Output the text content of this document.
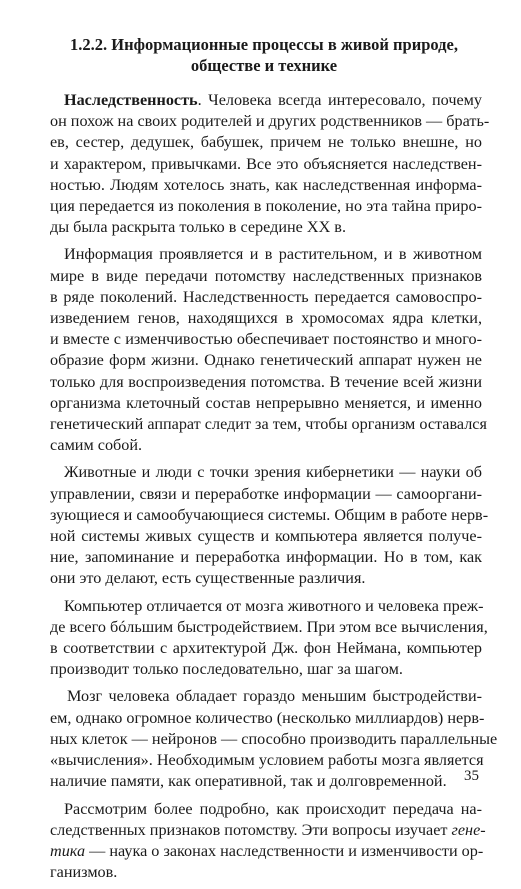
1.2.2. Информационные процессы в живой природе,
обществе и технике

Наследственность. Человека всегда интересовало, почему
он похож на своих родителей и других родственников — брать-
ев, сестер, дедушек, бабушек, причем не только внешне, но
и характером, привычками. Все это объясняется наследствен-
ностью. Людям хотелось знать, как наследственная информа-
ция передается из поколения в поколение, но эта тайна приро-
ды была раскрыта только в середине XX в.

Информация проявляется и в растительном, и в животном
мире в виде передачи потомству наследственных признаков
в ряде поколений. Наследственность передается самовоспро-
изведением генов, находящихся в хромосомах ядра клетки,
и вместе с изменчивостью обеспечивает постоянство и много-
образие форм жизни. Однако генетический аппарат нужен не
только для воспроизведения потомства. В течение всей жизни
организма клеточный состав непрерывно меняется, и именно
генетический аппарат следит за тем, чтобы организм оставался
самим собой.

Животные и люди с точки зрения кибернетики — науки об
управлении, связи и переработке информации — самооргани-
зующиеся и самообучающиеся системы. Общим в работе нерв-
ной системы живых существ и компьютера является получе-
ние, запоминание и переработка информации. Но в том, как
они это делают, есть существенные различия.

Компьютер отличается от мозга животного и человека преж-
де всего бóльшим быстродействием. При этом все вычисления,
в соответствии с архитектурой Дж. фон Неймана, компьютер
производит только последовательно, шаг за шагом.

Мозг человека обладает гораздо меньшим быстродействи-
ем, однако огромное количество (несколько миллиардов) нерв-
ных клеток — нейронов — способно производить параллельные
«вычисления». Необходимым условием работы мозга является
наличие памяти, как оперативной, так и долговременной.

Рассмотрим более подробно, как происходит передача на-
следственных признаков потомству. Эти вопросы изучает гене-
тика — наука о законах наследственности и изменчивости ор-
ганизмов.

35
